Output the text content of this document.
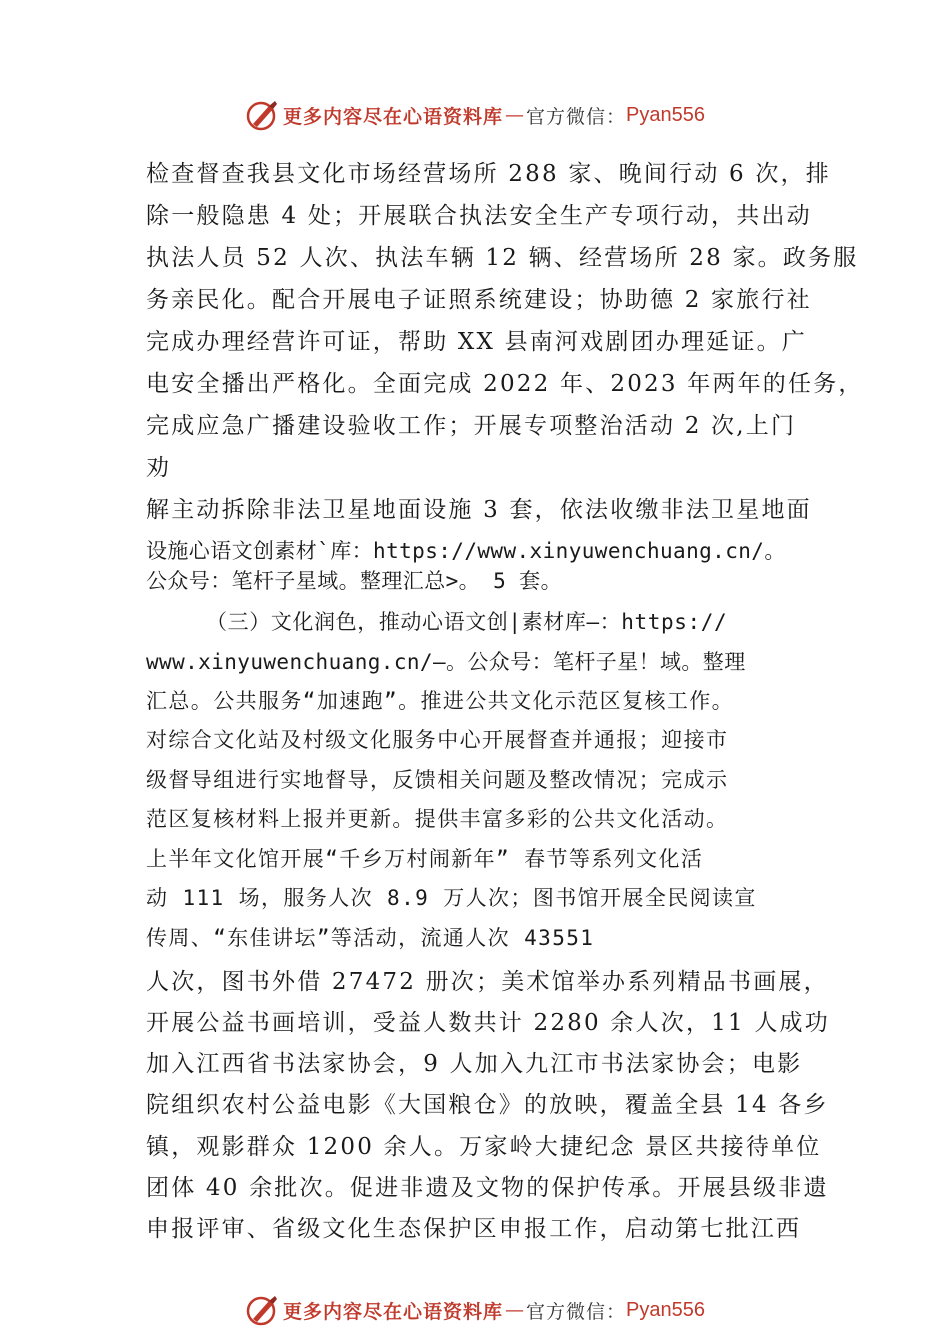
更多内容尽在心语资料库 — 官方微信： Pyan556
检查督查我县文化市场经营场所 288 家、晚间行动 6 次，排
除一般隐患 4 处；开展联合执法安全生产专项行动，共出动
执法人员 52 人次、执法车辆 12 辆、经营场所 28 家。政务服
务亲民化。配合开展电子证照系统建设；协助德 2 家旅行社
完成办理经营许可证，帮助 XX 县南河戏剧团办理延证。广
电安全播出严格化。全面完成 2022 年、2023 年两年的任务，
完成应急广播建设验收工作；开展专项整治活动 2 次,上门
劝
解主动拆除非法卫星地面设施 3 套，依法收缴非法卫星地面
设施心语文创素材`库：https://www.xinyuwenchuang.cn/。
公众号：笔杆子星域。整理汇总>。 5 套。
（三）文化润色，推动心语文创|素材库—：https://
www.xinyuwenchuang.cn/—。公众号：笔杆子星！域。整理
汇总。公共服务“加速跑”。推进公共文化示范区复核工作。
对综合文化站及村级文化服务中心开展督查并通报；迎接市
级督导组进行实地督导，反馈相关问题及整改情况；完成示
范区复核材料上报并更新。提供丰富多彩的公共文化活动。
上半年文化馆开展“千乡万村闹新年” 春节等系列文化活
动 111 场，服务人次 8.9 万人次；图书馆开展全民阅读宣
传周、“东佳讲坛”等活动，流通人次 43551
人次，图书外借 27472 册次；美术馆举办系列精品书画展，
开展公益书画培训，受益人数共计 2280 余人次，11 人成功
加入江西省书法家协会，9 人加入九江市书法家协会；电影
院组织农村公益电影《大国粮仓》的放映，覆盖全县 14 各乡
镇，观影群众 1200 余人。万家岭大捷纪念 景区共接待单位
团体 40 余批次。促进非遗及文物的保护传承。开展县级非遗
申报评审、省级文化生态保护区申报工作，启动第七批江西
更多内容尽在心语资料库 — 官方微信： Pyan556
